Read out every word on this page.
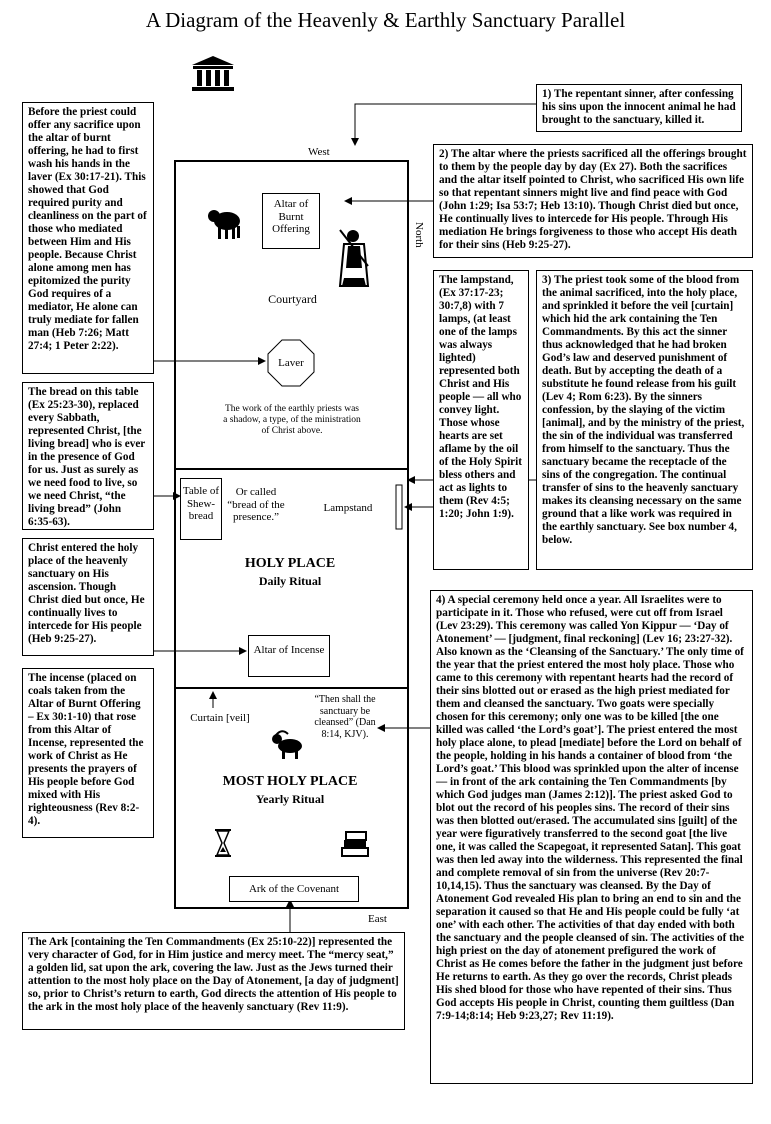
A Diagram of the Heavenly & Earthly Sanctuary Parallel
West
East
North
Altar of Burnt Offering
Courtyard
Laver
The work of the earthly priests was a shadow, a type, of the ministration of Christ above.
Table of Shew-bread
Or called “bread of the presence.”
Lampstand
HOLY PLACE
Daily Ritual
Altar of Incense
Curtain [veil]
“Then shall the sanctuary be cleansed” (Dan 8:14, KJV).
MOST HOLY PLACE
Yearly Ritual
Ark of the Covenant
Before the priest could offer any sacrifice upon the altar of burnt offering, he had to first wash his hands in the laver (Ex 30:17-21). This showed that God required purity and cleanliness on the part of those who mediated between Him and His people. Because Christ alone among men has epitomized the purity God requires of a mediator, He alone can truly mediate for fallen man (Heb 7:26; Matt 27:4; 1 Peter 2:22).
The bread on this table (Ex 25:23-30), replaced every Sabbath, represented Christ, [the living bread] who is ever in the presence of God for us. Just as surely as we need food to live, so we need Christ, “the living bread” (John 6:35-63).
Christ entered the holy place of the heavenly sanctuary on His ascension. Though Christ died but once, He continually lives to intercede for His people (Heb 9:25-27).
The incense (placed on coals taken from the Altar of Burnt Offering – Ex 30:1-10) that rose from this Altar of Incense, represented the work of Christ as He presents the prayers of His people before God mixed with His righteousness (Rev 8:2-4).
The Ark [containing the Ten Commandments (Ex 25:10-22)] represented the very character of God, for in Him justice and mercy meet. The “mercy seat,” a golden lid, sat upon the ark, covering the law. Just as the Jews turned their attention to the most holy place on the Day of Atonement, [a day of judgment] so, prior to Christ’s return to earth, God directs the attention of His people to the ark in the most holy place of the heavenly sanctuary (Rev 11:9).
1) The repentant sinner, after confessing his sins upon the innocent animal he had brought to the sanctuary, killed it.
2) The altar where the priests sacrificed all the offerings brought to them by the people day by day (Ex 27). Both the sacrifices and the altar itself pointed to Christ, who sacrificed His own life so that repentant sinners might live and find peace with God (John 1:29; Isa 53:7; Heb 13:10). Though Christ died but once, He continually lives to intercede for His people. Through His mediation He brings forgiveness to those who accept His death for their sins (Heb 9:25-27).
The lampstand, (Ex 37:17-23; 30:7,8) with 7 lamps, (at least one of the lamps was always lighted) represented both Christ and His people — all who convey light. Those whose hearts are set aflame by the oil of the Holy Spirit bless others and act as lights to them (Rev 4:5; 1:20; John 1:9).
3) The priest took some of the blood from the animal sacrificed, into the holy place, and sprinkled it before the veil [curtain] which hid the ark containing the Ten Commandments. By this act the sinner thus acknowledged that he had broken God’s law and deserved punishment of death. But by accepting the death of a substitute he found release from his guilt (Lev 4; Rom 6:23). By the sinners confession, by the slaying of the victim [animal], and by the ministry of the priest, the sin of the individual was transferred from himself to the sanctuary. Thus the sanctuary became the receptacle of the sins of the congregation. The continual transfer of sins to the heavenly sanctuary makes its cleansing necessary on the same ground that a like work was required in the earthly sanctuary. See box number 4, below.
4) A special ceremony held once a year. All Israelites were to participate in it. Those who refused, were cut off from Israel (Lev 23:29). This ceremony was called Yon Kippur — ‘Day of Atonement’ — [judgment, final reckoning] (Lev 16; 23:27-32). Also known as the ‘Cleansing of the Sanctuary.’ The only time of the year that the priest entered the most holy place. Those who came to this ceremony with repentant hearts had the record of their sins blotted out or erased as the high priest mediated for them and cleansed the sanctuary. Two goats were specially chosen for this ceremony; only one was to be killed [the one killed was called ‘the Lord’s goat’]. The priest entered the most holy place alone, to plead [mediate] before the Lord on behalf of the people, holding in his hands a container of blood from ‘the Lord’s goat.’ This blood was sprinkled upon the alter of incense — in front of the ark containing the Ten Commandments [by which God judges man (James 2:12)]. The priest asked God to blot out the record of his peoples sins. The record of their sins was then blotted out/erased. The accumulated sins [guilt] of the year were figuratively transferred to the second goat [the live one, it was called the Scapegoat, it represented Satan]. This goat was then led away into the wilderness. This represented the final and complete removal of sin from the universe (Rev 20:7-10,14,15). Thus the sanctuary was cleansed. By the Day of Atonement God revealed His plan to bring an end to sin and the separation it caused so that He and His people could be fully ‘at one’ with each other. The activities of that day ended with both the sanctuary and the people cleansed of sin. The activities of the high priest on the day of atonement prefigured the work of Christ as He comes before the father in the judgment just before He returns to earth. As they go over the records, Christ pleads His shed blood for those who have repented of their sins. Thus God accepts His people in Christ, counting them guiltless (Dan 7:9-14;8:14; Heb 9:23,27; Rev 11:19).
